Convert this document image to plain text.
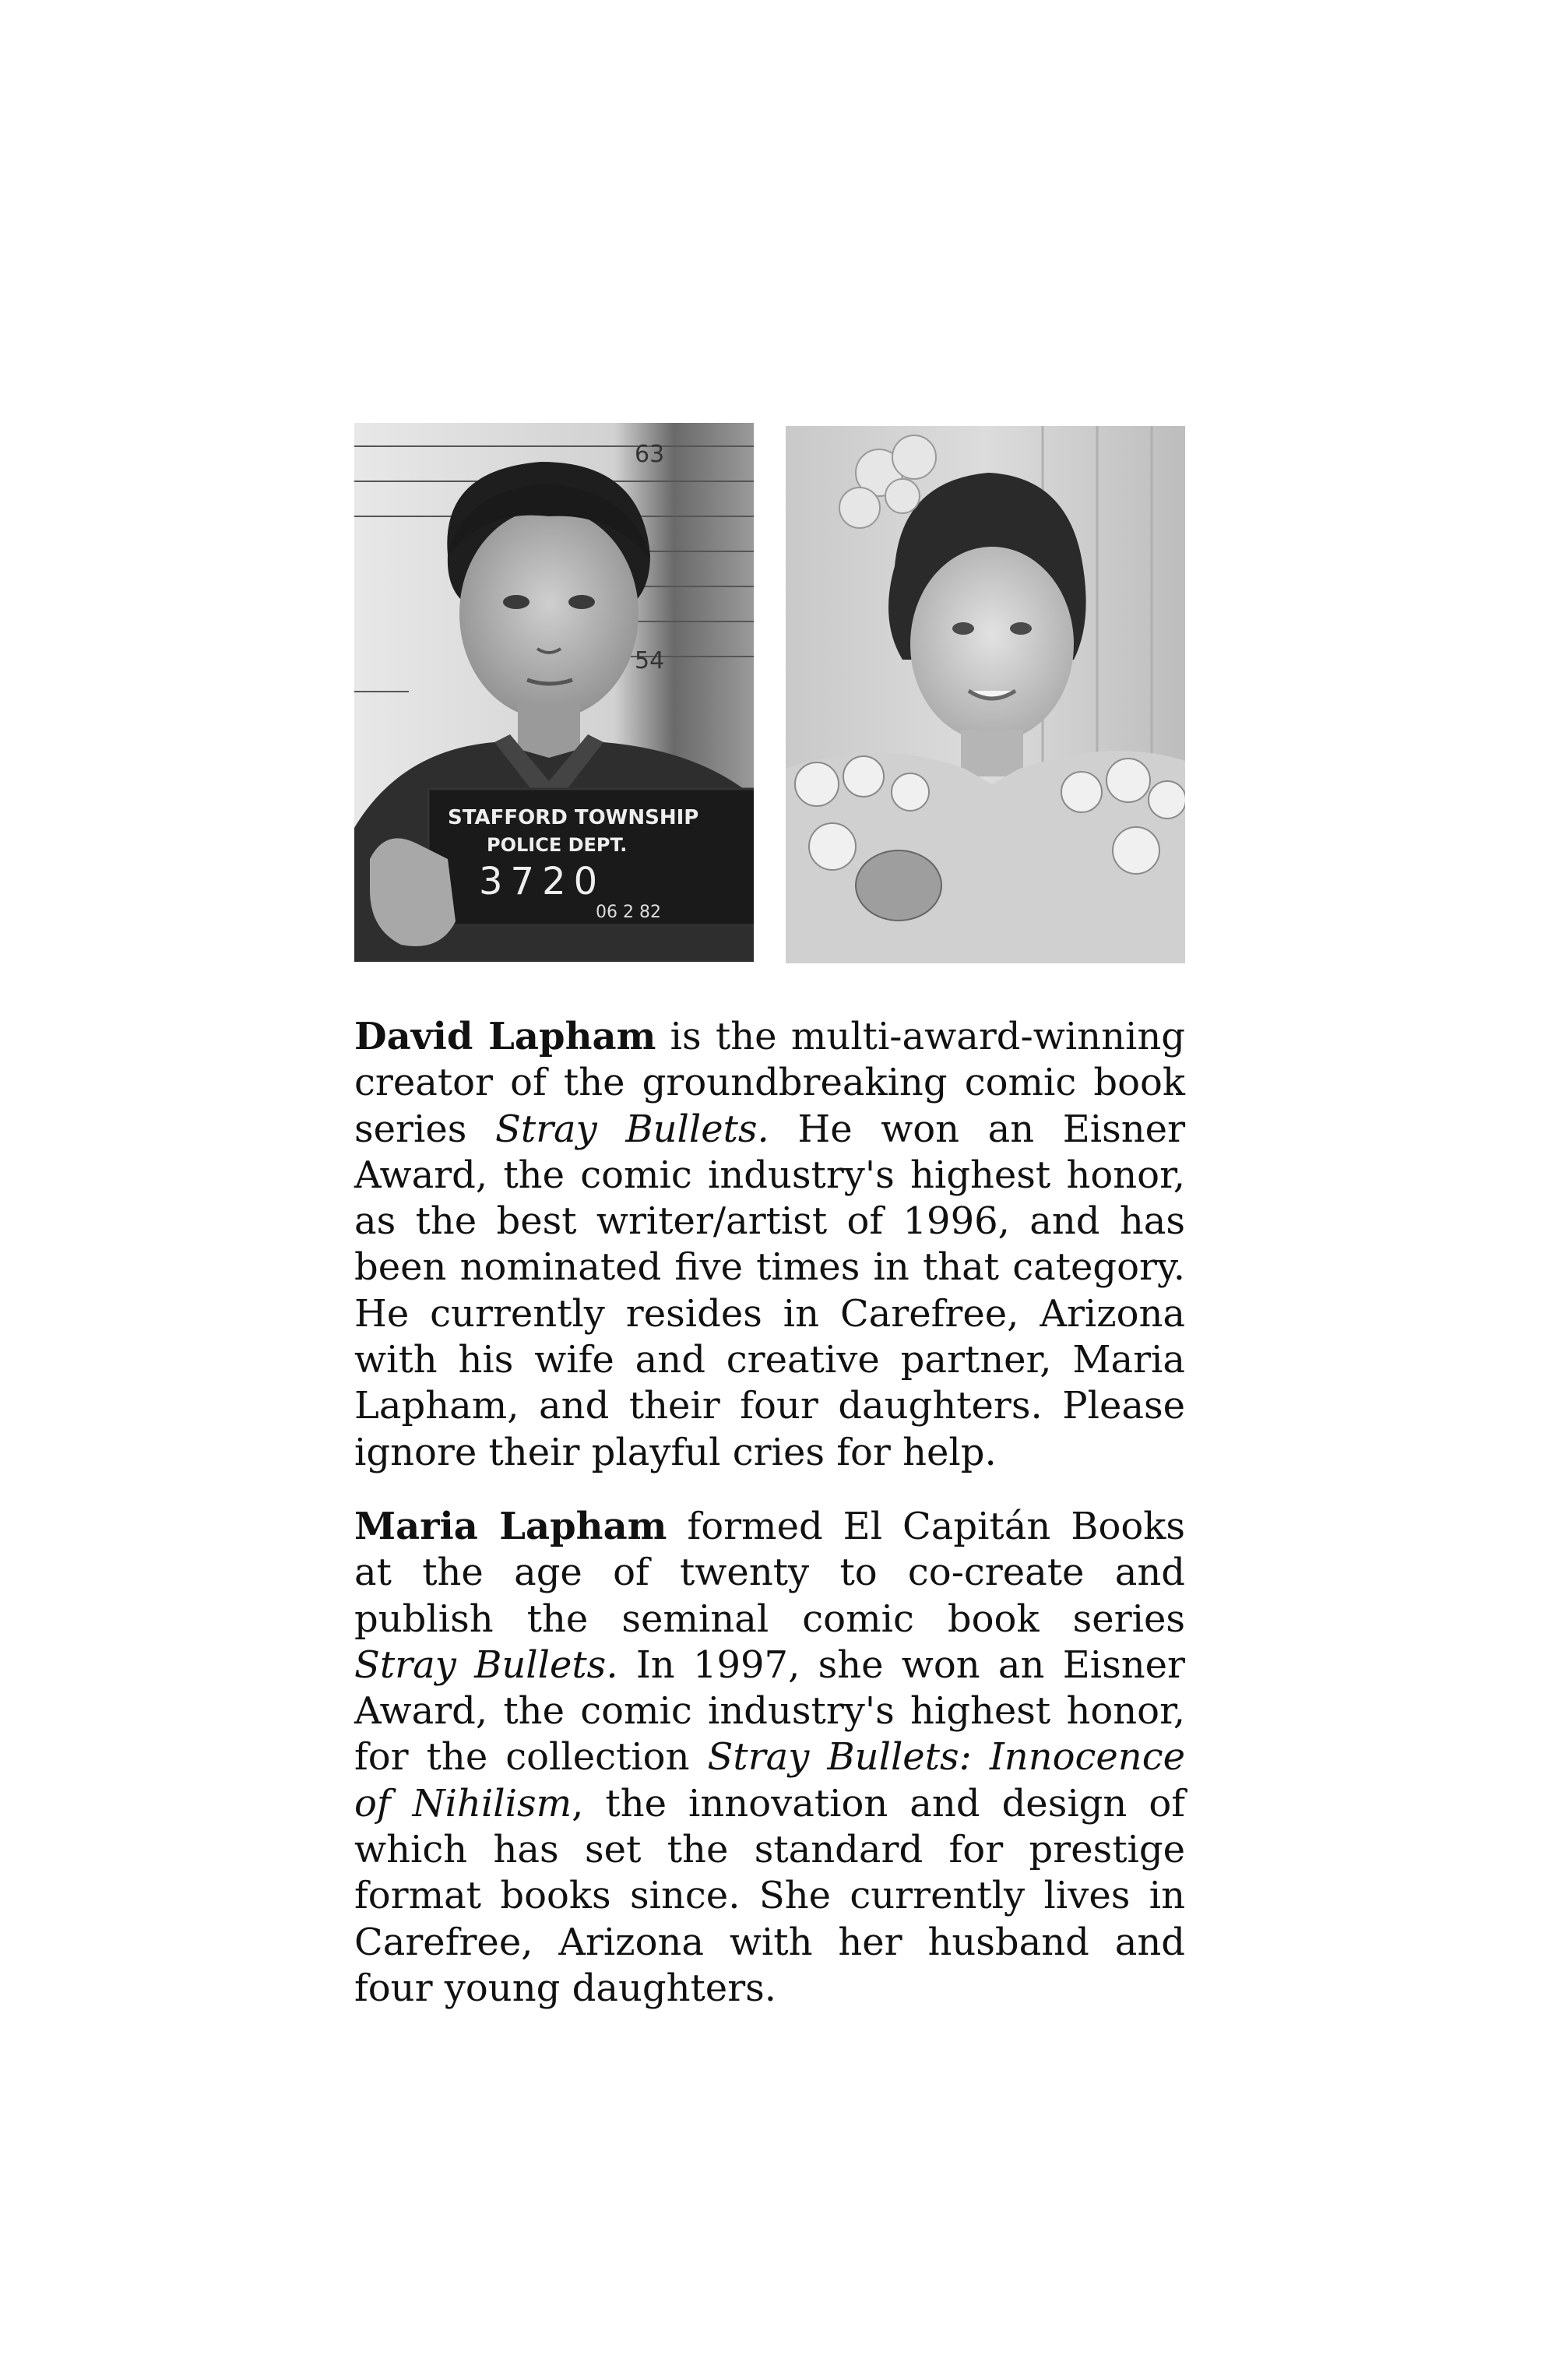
63
54
STAFFORD TOWNSHIP
POLICE DEPT.
3720
06 2 82

David Lapham is the multi-award-winning creator of the groundbreaking comic book series Stray Bullets. He won an Eisner Award, the comic industry's highest honor, as the best writer/artist of 1996, and has been nominated five times in that category. He currently resides in Carefree, Arizona with his wife and creative partner, Maria Lapham, and their four daughters. Please ignore their playful cries for help.

Maria Lapham formed El Capitán Books at the age of twenty to co-create and publish the seminal comic book series Stray Bullets. In 1997, she won an Eisner Award, the comic industry's highest honor, for the collection Stray Bullets: Innocence of Nihilism, the innovation and design of which has set the standard for prestige format books since. She currently lives in Carefree, Arizona with her husband and four young daughters.
